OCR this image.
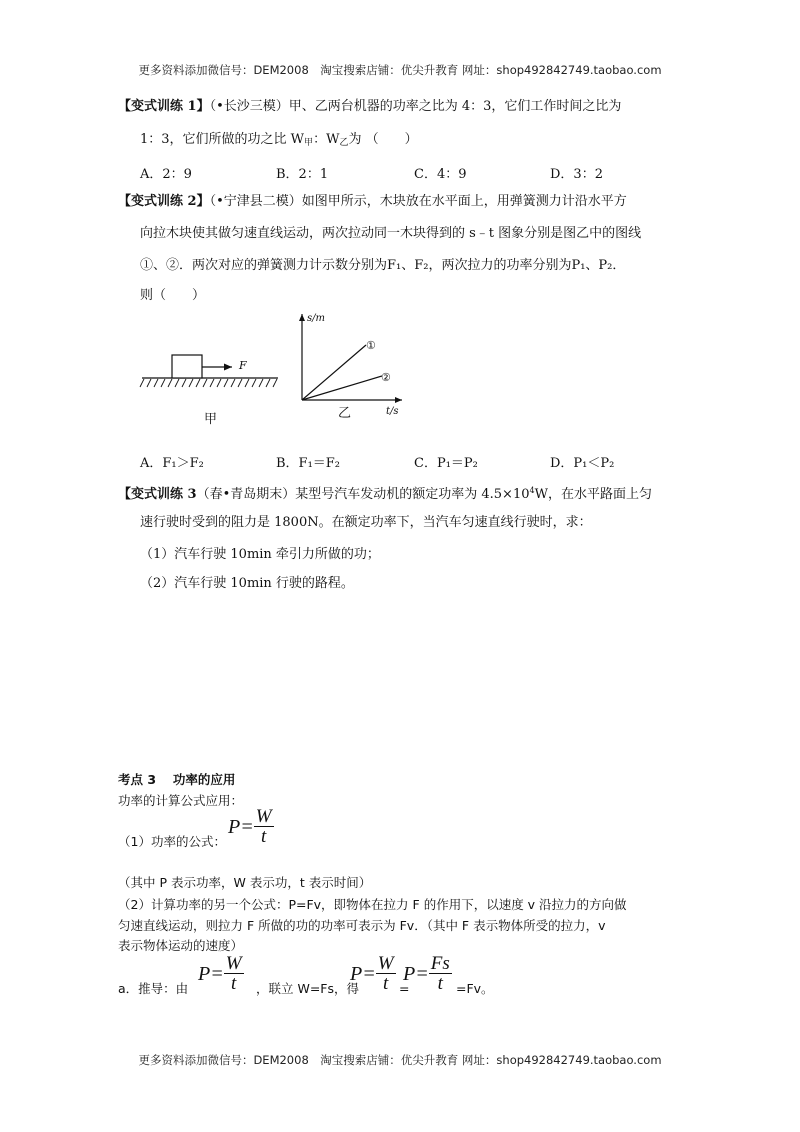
更多资料添加微信号：DEM2008　淘宝搜索店铺：优尖升教育 网址：shop492842749.taobao.com
【变式训练 1】（•长沙三模）甲、乙两台机器的功率之比为 4：3，它们工作时间之比为
1：3，它们所做的功之比 $W_甲$：$W_乙$为 （　　）
A．2：9	B．2：1	C．4：9	D．3：2
【变式训练 2】（•宁津县二模）如图甲所示，木块放在水平面上，用弹簧测力计沿水平方
向拉木块使其做匀速直线运动，两次拉动同一木块得到的 s﹣t 图象分别是图乙中的图线
①、②．两次对应的弹簧测力计示数分别为F₁、F₂，两次拉力的功率分别为P₁、P₂．
则（　　）
F
甲
s/m
t/s
①
②
乙
A．F₁＞F₂	B．F₁＝F₂	C．P₁＝P₂	D．P₁＜P₂
【变式训练 3（春•青岛期末）某型号汽车发动机的额定功率为 $4.5\times 10^4W$，在水平路面上匀
速行驶时受到的阻力是 1800N。在额定功率下，当汽车匀速直线行驶时，求：
（1）汽车行驶 10min 牵引力所做的功；
（2）汽车行驶 10min 行驶的路程。
考点 3　 功率的应用
功率的计算公式应用：
（1）功率的公式：
$P= \frac{W}{t}$
（其中 P 表示功率，W 表示功，t 表示时间）
（2）计算功率的另一个公式：P=Fv，即物体在拉力 F 的作用下，以速度 v 沿拉力的方向做
匀速直线运动，则拉力 F 所做的功的功率可表示为 Fv．（其中 F 表示物体所受的拉力，v
表示物体运动的速度）
a．推导：由
$P= \frac{W}{t}$ ，联立 W=Fs，得
$P= \frac{W}{t}$ =
$P= \frac{Fs}{t} =Fv$。
更多资料添加微信号：DEM2008　淘宝搜索店铺：优尖升教育 网址：shop492842749.taobao.com
